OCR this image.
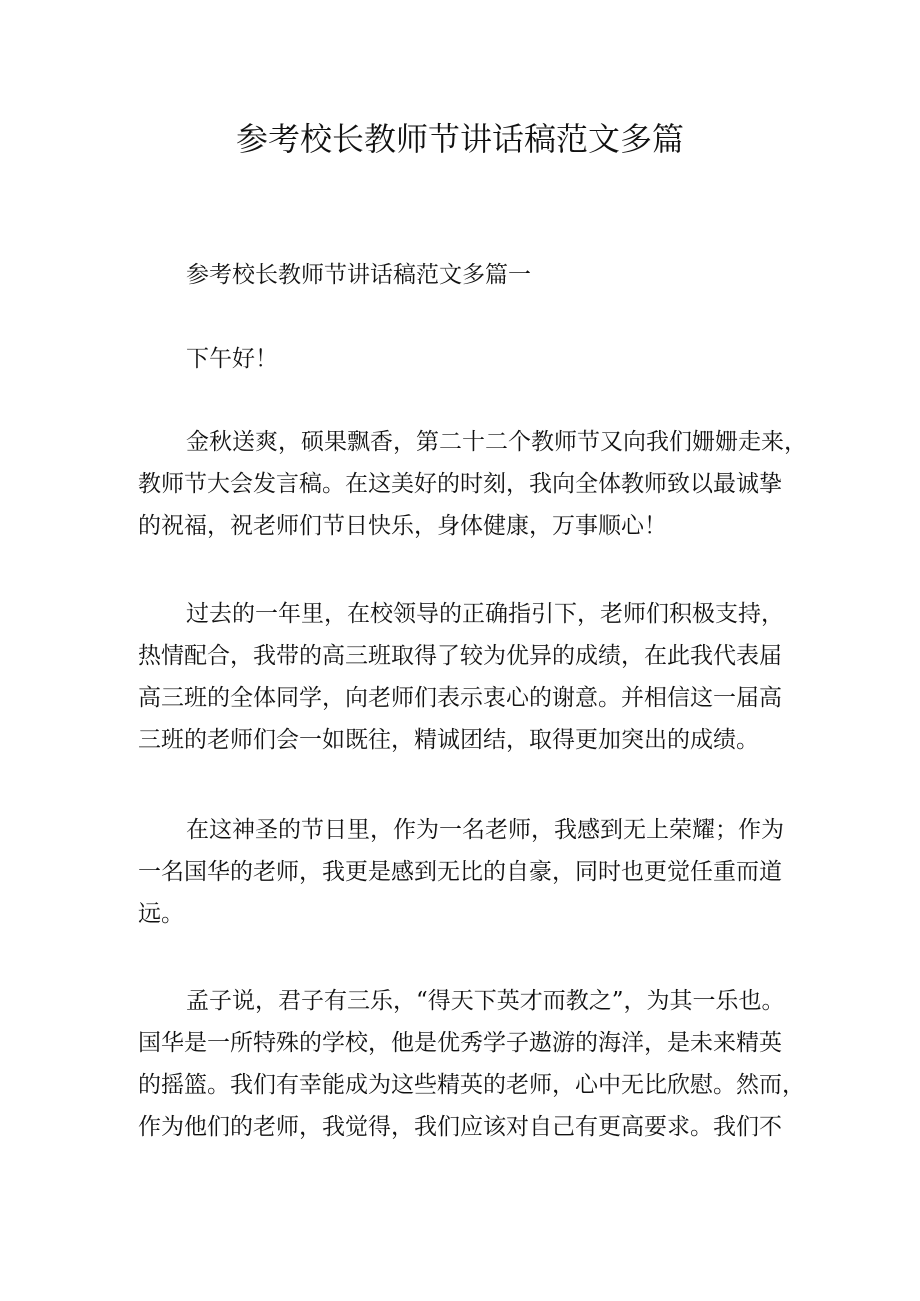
参考校长教师节讲话稿范文多篇

参考校长教师节讲话稿范文多篇一

下午好！

金秋送爽，硕果飘香，第二十二个教师节又向我们姗姗走来，
教师节大会发言稿。在这美好的时刻，我向全体教师致以最诚挚
的祝福，祝老师们节日快乐，身体健康，万事顺心！

过去的一年里，在校领导的正确指引下，老师们积极支持，
热情配合，我带的高三班取得了较为优异的成绩，在此我代表届
高三班的全体同学，向老师们表示衷心的谢意。并相信这一届高
三班的老师们会一如既往，精诚团结，取得更加突出的成绩。

在这神圣的节日里，作为一名老师，我感到无上荣耀；作为
一名国华的老师，我更是感到无比的自豪，同时也更觉任重而道
远。

孟子说，君子有三乐，“得天下英才而教之”，为其一乐也。
国华是一所特殊的学校，他是优秀学子遨游的海洋，是未来精英
的摇篮。我们有幸能成为这些精英的老师，心中无比欣慰。然而，
作为他们的老师，我觉得，我们应该对自己有更高要求。我们不
